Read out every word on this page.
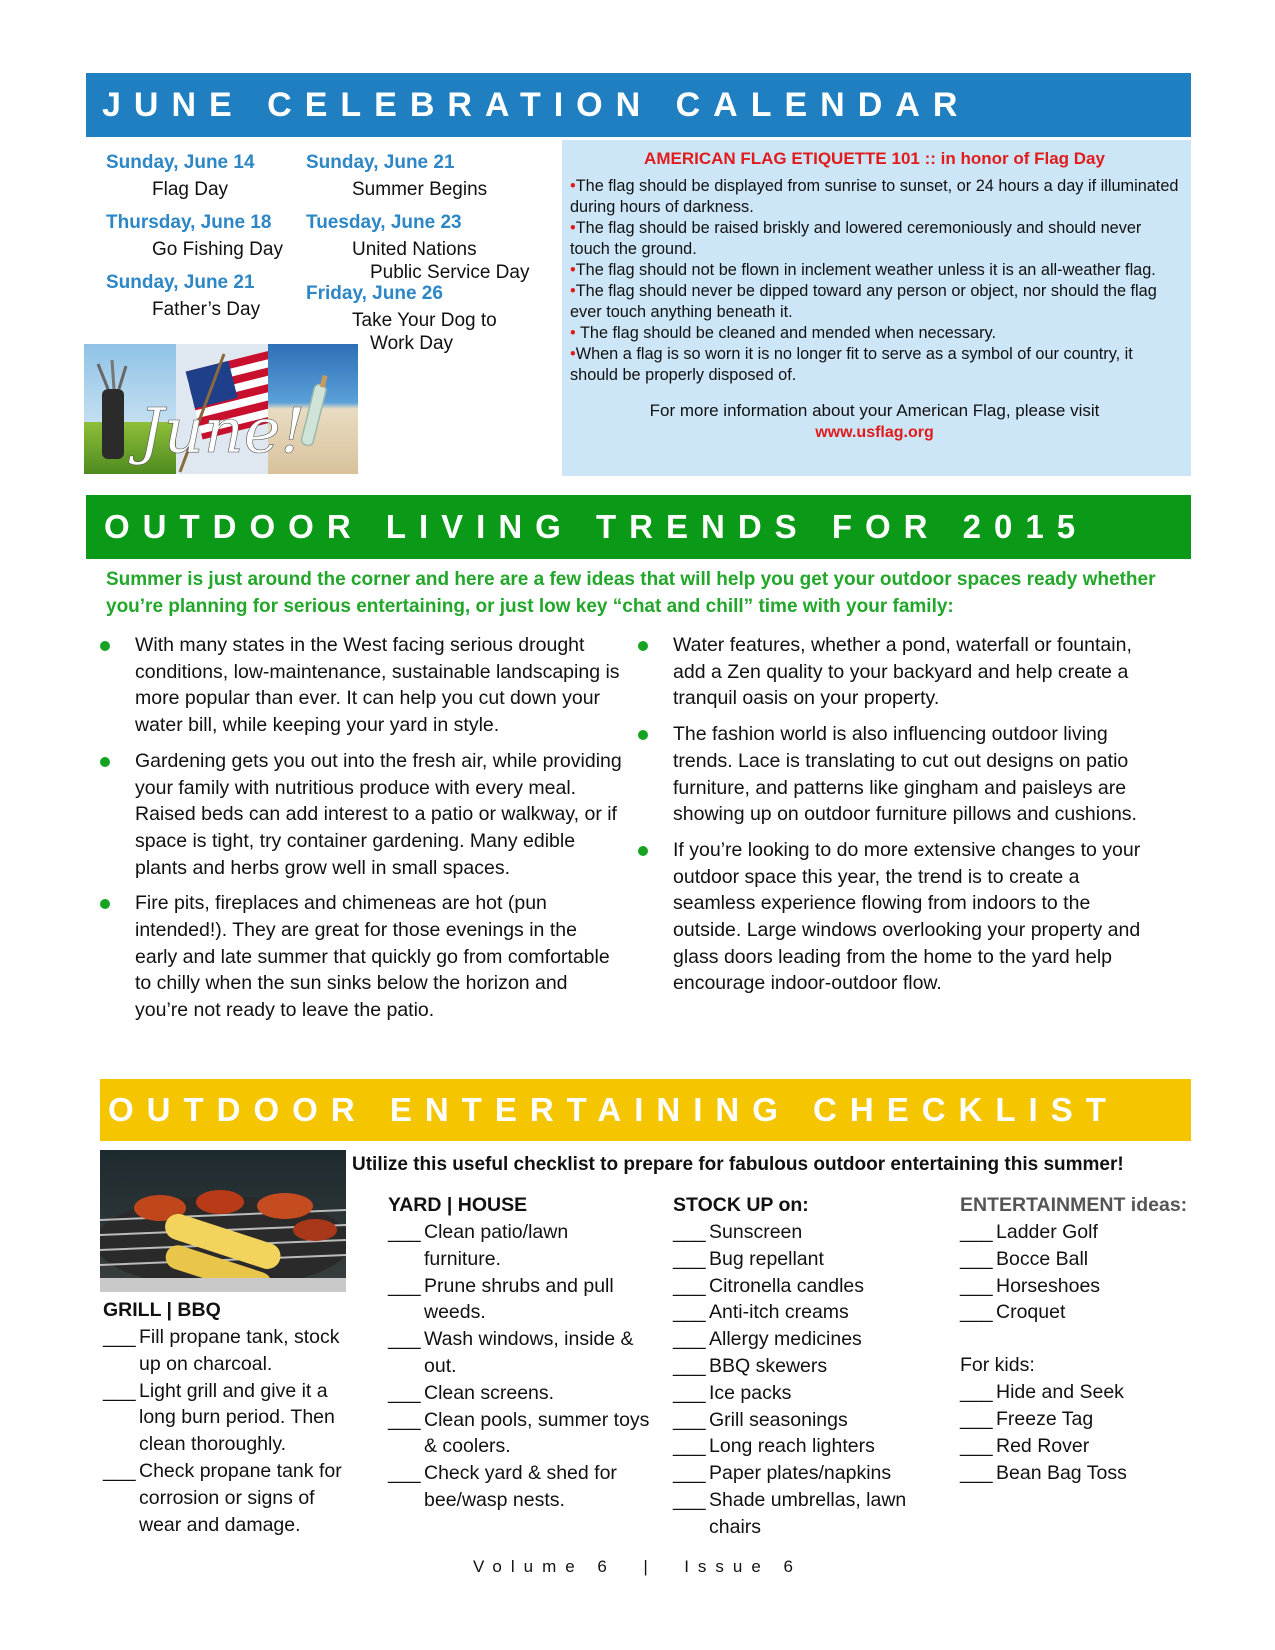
JUNE CELEBRATION CALENDAR
Sunday, June 14
Flag Day
Thursday, June 18
Go Fishing Day
Sunday, June 21
Father’s Day
Sunday, June 21
Summer Begins
Tuesday, June 23
United Nations
Public Service Day
Friday, June 26
Take Your Dog to
Work Day
June!
AMERICAN FLAG ETIQUETTE 101 :: in honor of Flag Day
•The flag should be displayed from sunrise to sunset, or 24 hours a day if illuminated during hours of darkness.
•The flag should be raised briskly and lowered ceremoniously and should never touch the ground.
•The flag should not be flown in inclement weather unless it is an all-weather flag.
•The flag should never be dipped toward any person or object, nor should the flag ever touch anything beneath it.
• The flag should be cleaned and mended when necessary.
•When a flag is so worn it is no longer fit to serve as a symbol of our country, it should be properly disposed of.
For more information about your American Flag, please visit
www.usflag.org
OUTDOOR LIVING TRENDS FOR 2015
Summer is just around the corner and here are a few ideas that will help you get your outdoor spaces ready whether you’re planning for serious entertaining, or just low key “chat and chill” time with your family:
With many states in the West facing serious drought conditions, low-maintenance, sustainable landscaping is more popular than ever. It can help you cut down your water bill, while keeping your yard in style.
Gardening gets you out into the fresh air, while providing your family with nutritious produce with every meal. Raised beds can add interest to a patio or walkway, or if space is tight, try container gardening. Many edible plants and herbs grow well in small spaces.
Fire pits, fireplaces and chimeneas are hot (pun intended!). They are great for those evenings in the early and late summer that quickly go from comfortable to chilly when the sun sinks below the horizon and you’re not ready to leave the patio.
Water features, whether a pond, waterfall or fountain, add a Zen quality to your backyard and help create a tranquil oasis on your property.
The fashion world is also influencing outdoor living trends. Lace is translating to cut out designs on patio furniture, and patterns like gingham and paisleys are showing up on outdoor furniture pillows and cushions.
If you’re looking to do more extensive changes to your outdoor space this year, the trend is to create a seamless experience flowing from indoors to the outside. Large windows overlooking your property and glass doors leading from the home to the yard help encourage indoor-outdoor flow.
OUTDOOR ENTERTAINING CHECKLIST
Utilize this useful checklist to prepare for fabulous outdoor entertaining this summer!
GRILL | BBQ
___ Fill propane tank, stock up on charcoal.
___ Light grill and give it a long burn period. Then clean thoroughly.
___ Check propane tank for corrosion or signs of wear and damage.
YARD | HOUSE
___ Clean patio/lawn furniture.
___ Prune shrubs and pull weeds.
___ Wash windows, inside & out.
___ Clean screens.
___ Clean pools, summer toys & coolers.
___ Check yard & shed for bee/wasp nests.
STOCK UP on:
___ Sunscreen
___ Bug repellant
___ Citronella candles
___ Anti-itch creams
___ Allergy medicines
___ BBQ skewers
___ Ice packs
___ Grill seasonings
___ Long reach lighters
___ Paper plates/napkins
___ Shade umbrellas, lawn chairs
ENTERTAINMENT ideas:
___ Ladder Golf
___ Bocce Ball
___ Horseshoes
___ Croquet
For kids:
___ Hide and Seek
___ Freeze Tag
___ Red Rover
___ Bean Bag Toss
Volume 6  |  Issue 6
